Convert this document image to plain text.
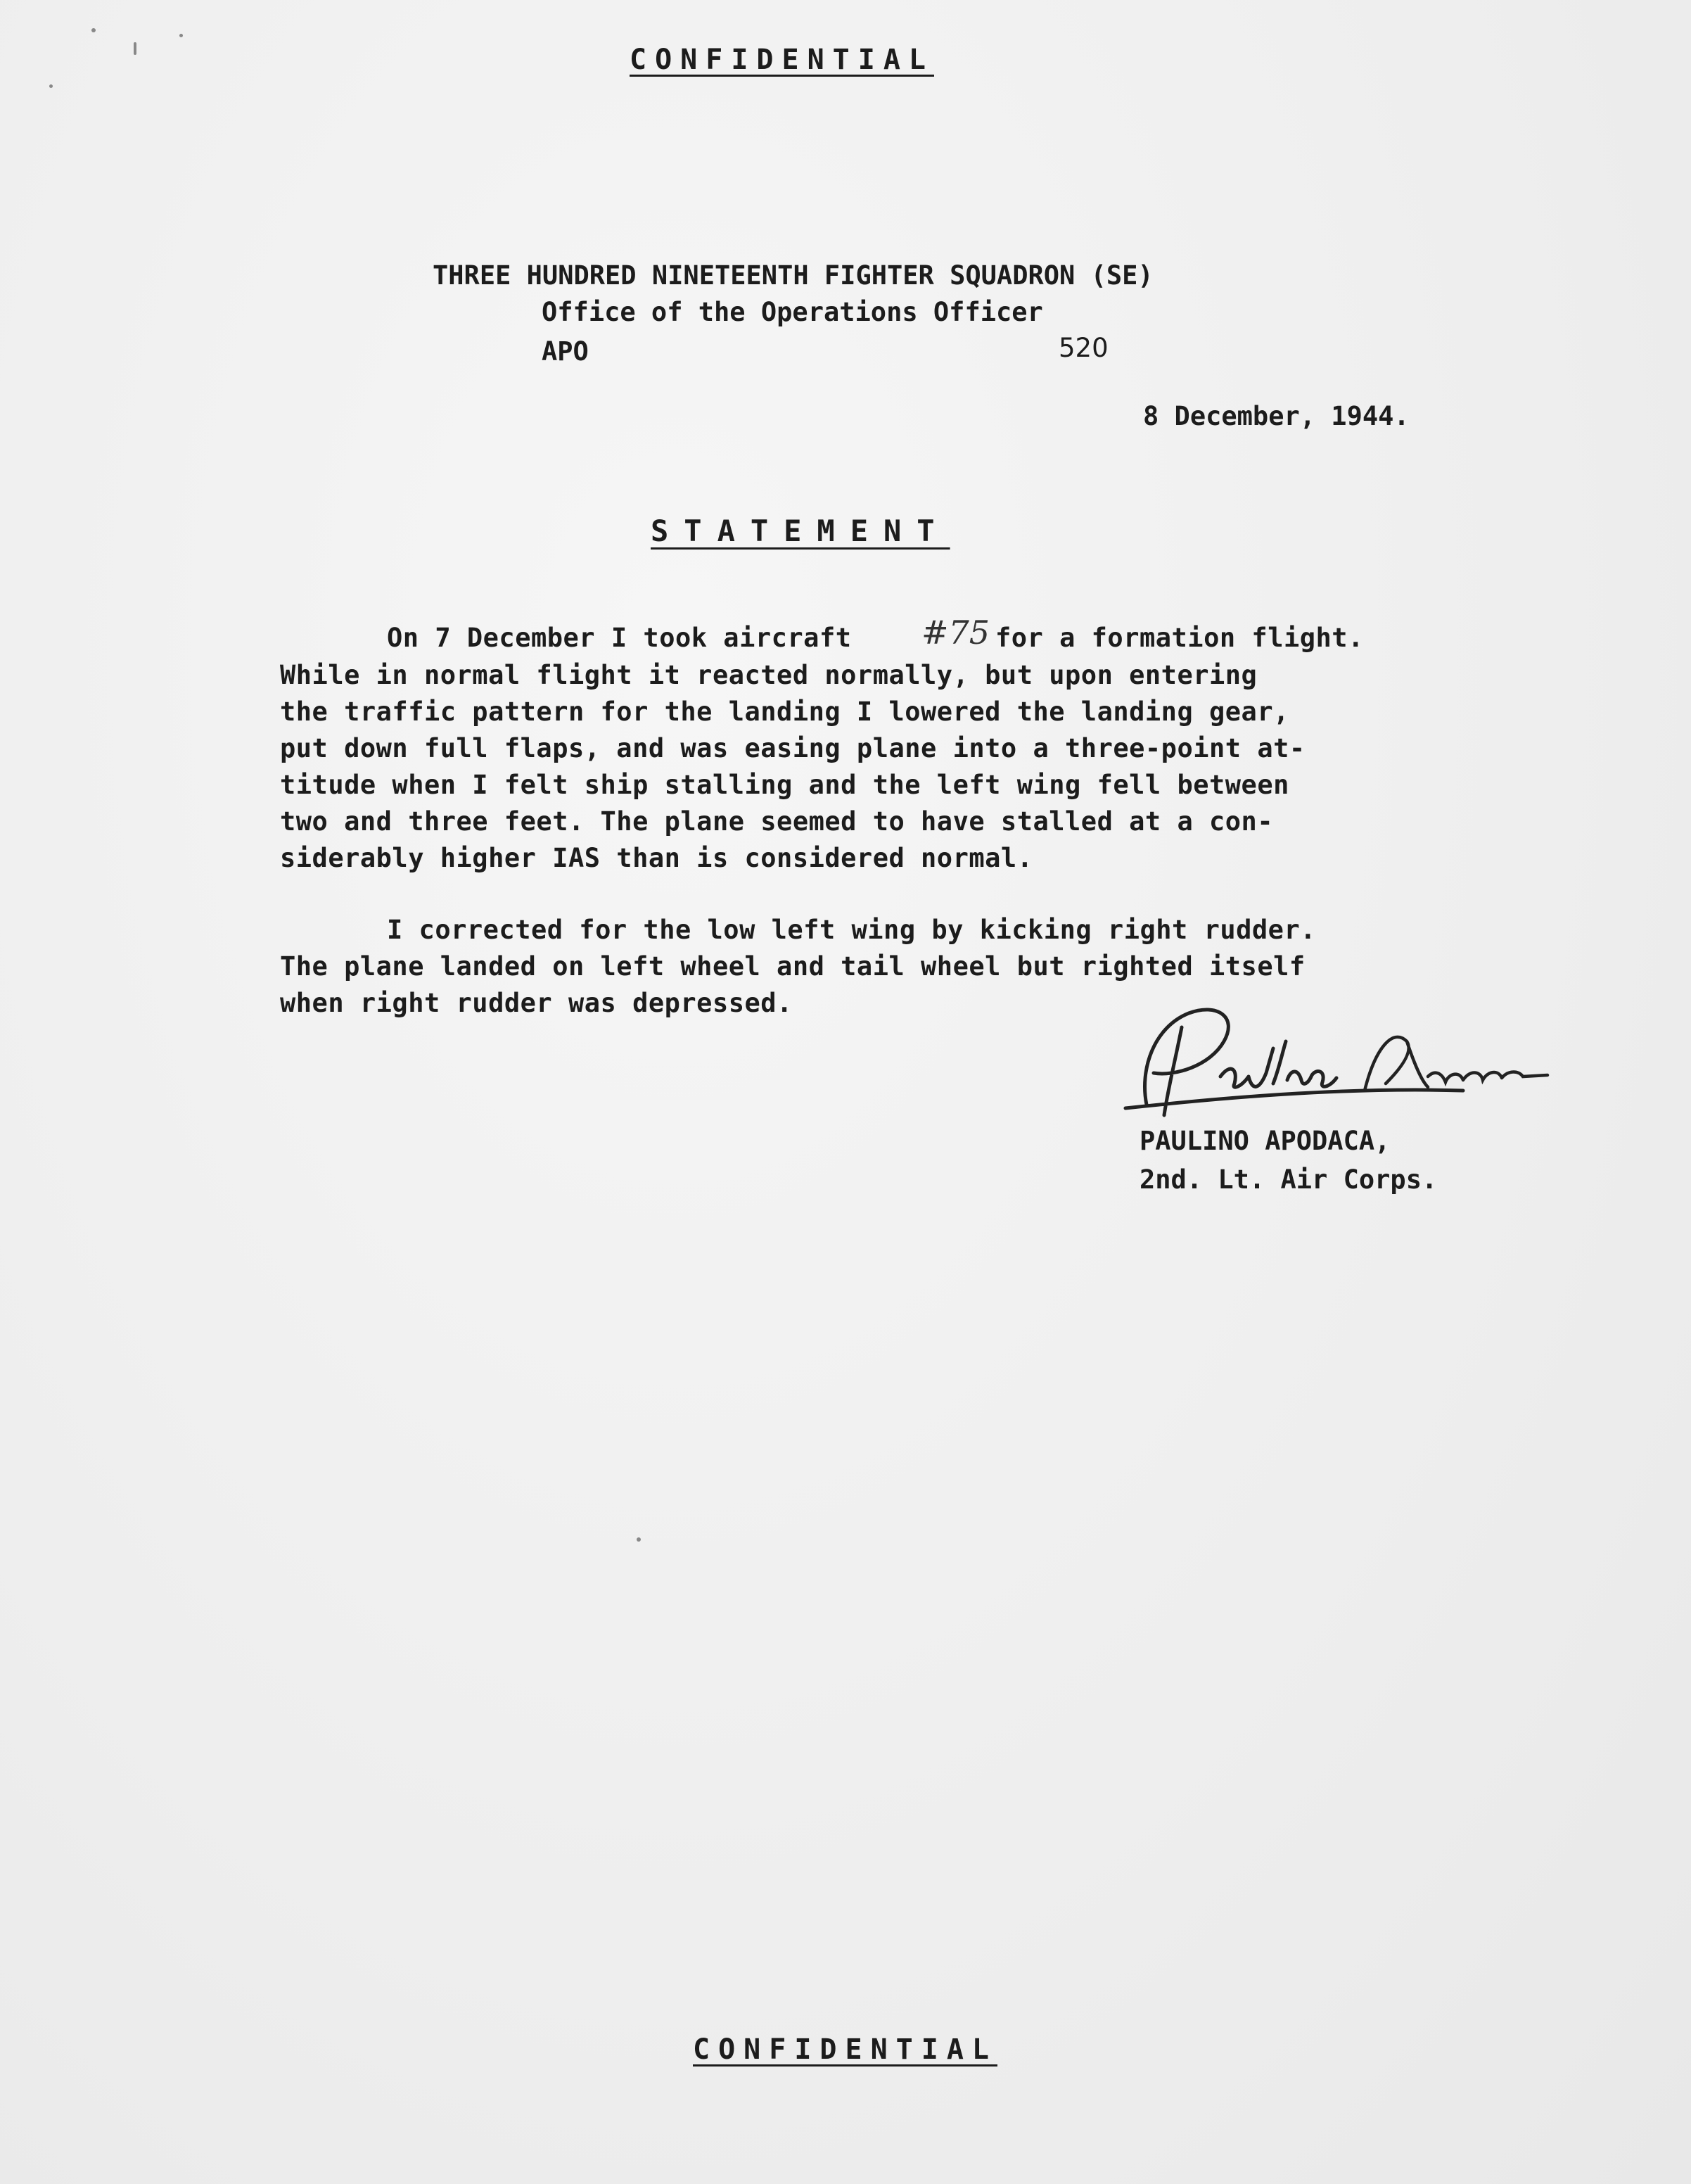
CONFIDENTIAL
THREE HUNDRED NINETEENTH FIGHTER SQUADRON (SE)
Office of the Operations Officer
APO	520
8 December, 1944.
STATEMENT
On 7 December I took aircraft #75 for a formation flight.
While in normal flight it reacted normally, but upon entering
the traffic pattern for the landing I lowered the landing gear,
put down full flaps, and was easing plane into a three-point at-
titude when I felt ship stalling and the left wing fell between
two and three feet. The plane seemed to have stalled at a con-
siderably higher IAS than is considered normal.
I corrected for the low left wing by kicking right rudder.
The plane landed on left wheel and tail wheel but righted itself
when right rudder was depressed.
PAULINO APODACA,
2nd. Lt. Air Corps.
CONFIDENTIAL
